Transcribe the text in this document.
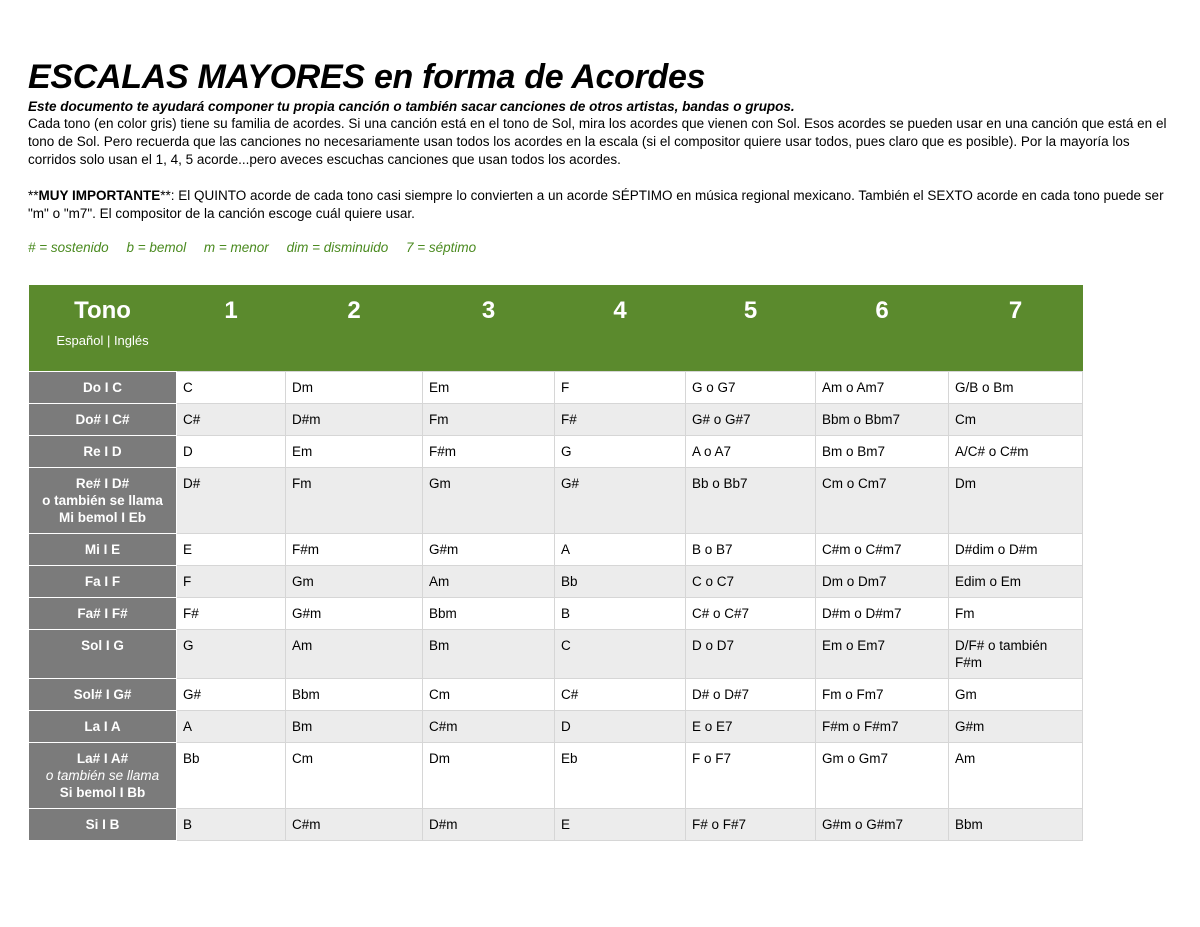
ESCALAS MAYORES en forma de Acordes
Este documento te ayudará componer tu propia canción o también sacar canciones de otros artistas, bandas o grupos.

Cada tono (en color gris) tiene su familia de acordes. Si una canción está en el tono de Sol, mira los acordes que vienen con Sol. Esos acordes se pueden usar en una canción que está en el tono de Sol. Pero recuerda que las canciones no necesariamente usan todos los acordes en la escala (si el compositor quiere usar todos, pues claro que es posible). Por la mayoría los corridos solo usan el 1, 4, 5 acorde...pero aveces escuchas canciones que usan todos los acordes.

**MUY IMPORTANTE**: El QUINTO acorde de cada tono casi siempre lo convierten a un acorde SÉPTIMO en música regional mexicano. También el SEXTO acorde en cada tono puede ser "m" o "m7". El compositor de la canción escoge cuál quiere usar.

# = sostenido b = bemol m = menor dim = disminuido 7 = séptimo
Tono
Español | Inglés	1	2	3	4	5	6	7

Do I C	C	Dm	Em	F	G o G7	Am o Am7	G/B o Bm

Do# I C#	C#	D#m	Fm	F#	G# o G#7	Bbm o Bbm7	Cm

Re I D	D	Em	F#m	G	A o A7	Bm o Bm7	A/C# o C#m

Re# I D#
o también se llama
Mi bemol I Eb	D#	Fm	Gm	G#	Bb o Bb7	Cm o Cm7	Dm

Mi I E	E	F#m	G#m	A	B o B7	C#m o C#m7	D#dim o D#m

Fa I F	F	Gm	Am	Bb	C o C7	Dm o Dm7	Edim o Em

Fa# I F#	F#	G#m	Bbm	B	C# o C#7	D#m o D#m7	Fm

Sol I G	G	Am	Bm	C	D o D7	Em o Em7	D/F# o también F#m

Sol# I G#	G#	Bbm	Cm	C#	D# o D#7	Fm o Fm7	Gm

La I A	A	Bm	C#m	D	E o E7	F#m o F#m7	G#m

La# I A#
o también se llama
Si bemol I Bb	Bb	Cm	Dm	Eb	F o F7	Gm o Gm7	Am

Si I B	B	C#m	D#m	E	F# o F#7	G#m o G#m7	Bbm
